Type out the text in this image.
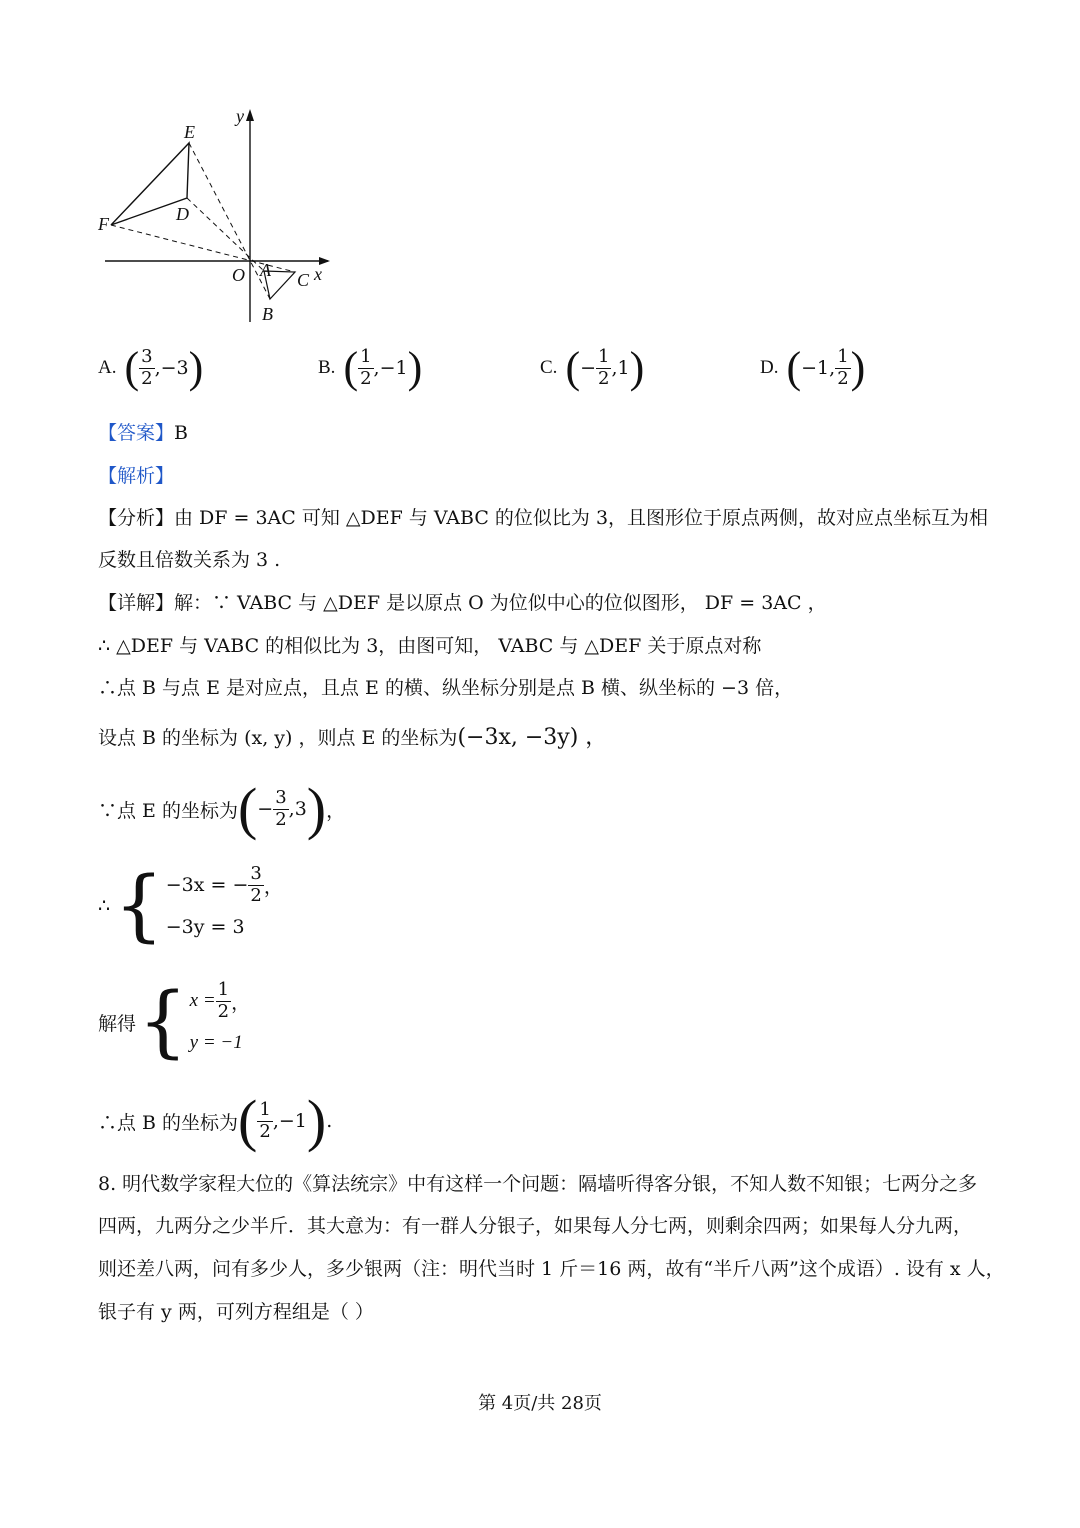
y
E
D
F
O A C x
B
A. ( $\frac{3}{2} ,-3$ )	B. ( $\frac{1}{2} ,-1$ )	C. ( − $\frac{1}{2} ,1$ )	D. ( −1, $\frac{1}{2}$ )
【答案】B
【解析】
【分析】由 DF = 3AC 可知 △DEF 与 VABC 的位似比为 3，且图形位于原点两侧，故对应点坐标互为相
反数且倍数关系为 3 .
【详解】解：∵ VABC 与 △DEF 是以原点 O 为位似中心的位似图形， DF = 3AC ，
∴ △DEF 与 VABC 的相似比为 3，由图可知， VABC 与 △DEF 关于原点对称
∴点 B 与点 E 是对应点，且点 E 的横、纵坐标分别是点 B 横、纵坐标的 −3 倍，
设点 B 的坐标为 (x, y) ，则点 E 的坐标为(−3x, −3y) ，
∵点 E 的坐标为 ( − $\frac{3}{2} ,3$ ) ，
∴ { −3x = − $\frac{3}{2}$ ，
−3y = 3
解得 { $x = \frac{1}{2}$ ，
y = −1
∴点 B 的坐标为 ( $\frac{1}{2} ,-1$ ) .
8. 明代数学家程大位的《算法统宗》中有这样一个问题：隔墙听得客分银，不知人数不知银；七两分之多
四两，九两分之少半斤．其大意为：有一群人分银子，如果每人分七两，则剩余四两；如果每人分九两，
则还差八两，问有多少人，多少银两（注：明代当时 1 斤＝16 两，故有“半斤八两”这个成语）. 设有 x 人，
银子有 y 两，可列方程组是（ ）
第 4页/共 28页
